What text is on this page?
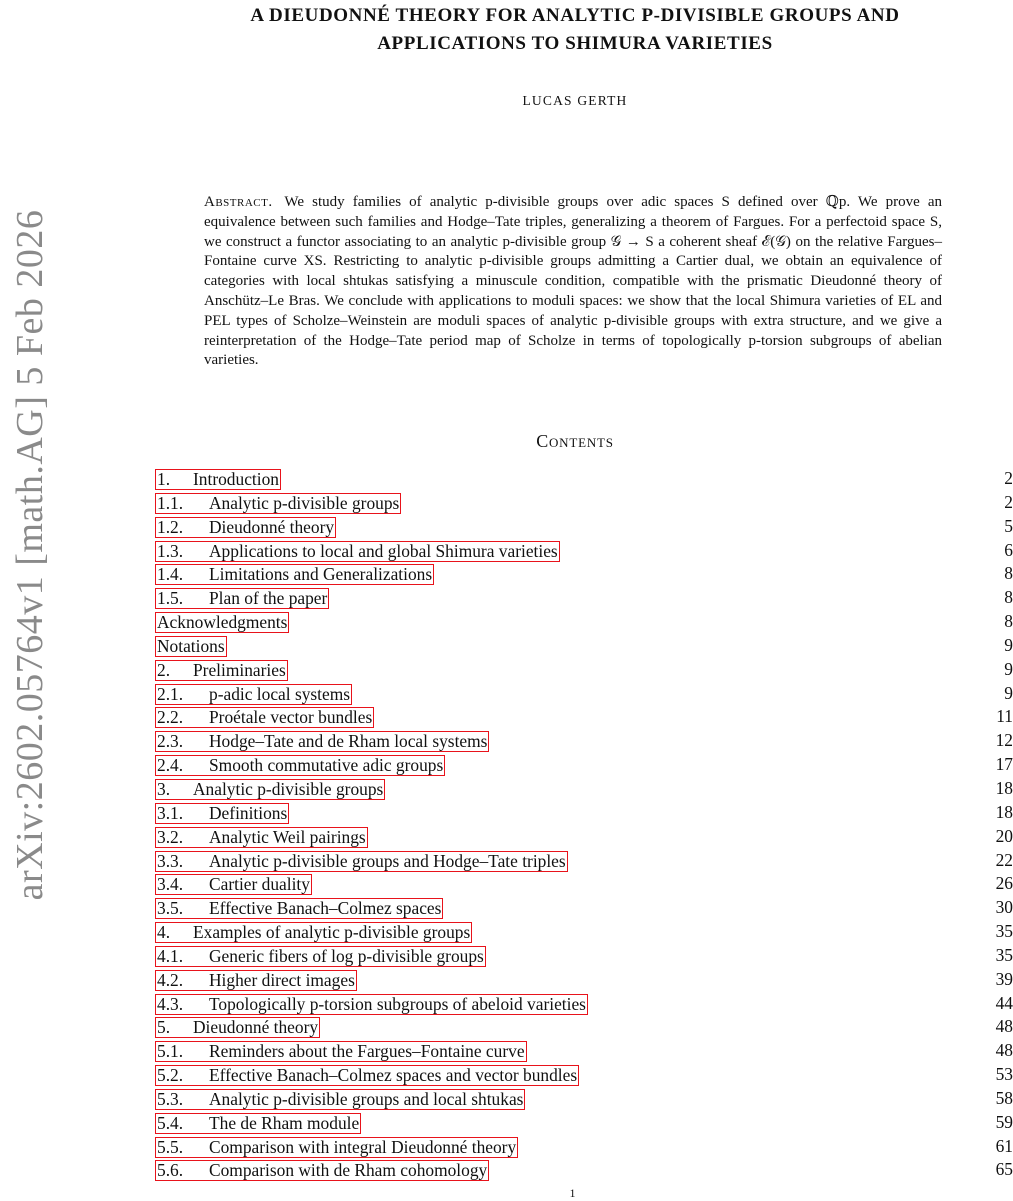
arXiv:2602.05764v1 [math.AG] 5 Feb 2026
A DIEUDONNÉ THEORY FOR ANALYTIC P-DIVISIBLE GROUPS AND
APPLICATIONS TO SHIMURA VARIETIES
LUCAS GERTH
Abstract. We study families of analytic p-divisible groups over adic spaces S defined over ℚp. We prove an equivalence between such families and Hodge–Tate triples, generalizing a theorem of Fargues. For a perfectoid space S, we construct a functor associating to an analytic p-divisible group 𝒢 → S a coherent sheaf ℰ(𝒢) on the relative Fargues–Fontaine curve XS. Restricting to analytic p-divisible groups admitting a Cartier dual, we obtain an equivalence of categories with local shtukas satisfying a minuscule condition, compatible with the prismatic Dieudonné theory of Anschütz–Le Bras. We conclude with applications to moduli spaces: we show that the local Shimura varieties of EL and PEL types of Scholze–Weinstein are moduli spaces of analytic p-divisible groups with extra structure, and we give a reinterpretation of the Hodge–Tate period map of Scholze in terms of topologically p-torsion subgroups of abelian varieties.
Contents
1. Introduction	2
1.1. Analytic p-divisible groups	2
1.2. Dieudonné theory	5
1.3. Applications to local and global Shimura varieties	6
1.4. Limitations and Generalizations	8
1.5. Plan of the paper	8
Acknowledgments	8
Notations	9
2. Preliminaries	9
2.1. p-adic local systems	9
2.2. Proétale vector bundles	11
2.3. Hodge–Tate and de Rham local systems	12
2.4. Smooth commutative adic groups	17
3. Analytic p-divisible groups	18
3.1. Definitions	18
3.2. Analytic Weil pairings	20
3.3. Analytic p-divisible groups and Hodge–Tate triples	22
3.4. Cartier duality	26
3.5. Effective Banach–Colmez spaces	30
4. Examples of analytic p-divisible groups	35
4.1. Generic fibers of log p-divisible groups	35
4.2. Higher direct images	39
4.3. Topologically p-torsion subgroups of abeloid varieties	44
5. Dieudonné theory	48
5.1. Reminders about the Fargues–Fontaine curve	48
5.2. Effective Banach–Colmez spaces and vector bundles	53
5.3. Analytic p-divisible groups and local shtukas	58
5.4. The de Rham module	59
5.5. Comparison with integral Dieudonné theory	61
5.6. Comparison with de Rham cohomology	65
1
